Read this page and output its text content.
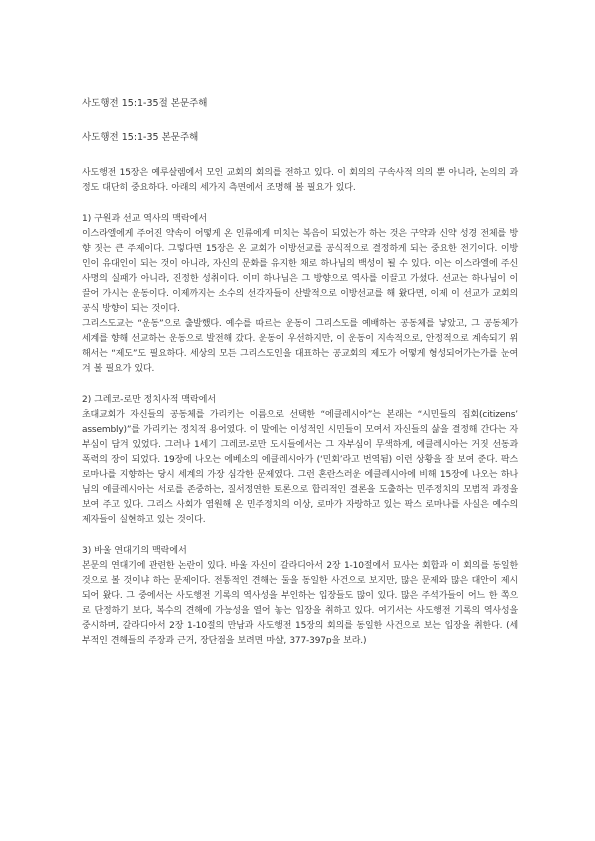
사도행전 15:1-35절 본문주해

사도행전 15:1-35 본문주해

사도행전 15장은 예루살렘에서 모인 교회의 회의를 전하고 있다. 이 회의의 구속사적 의의 뿐 아니라, 논의의 과정도 대단히 중요하다. 아래의 세가지 측면에서 조명해 볼 필요가 있다.

1) 구원과 선교 역사의 맥락에서

이스라엘에게 주어진 약속이 어떻게 온 인류에게 미치는 복음이 되었는가 하는 것은 구약과 신약 성경 전체를 방향 짓는 큰 주제이다. 그렇다면 15장은 온 교회가 이방선교를 공식적으로 결정하게 되는 중요한 전기이다. 이방인이 유대인이 되는 것이 아니라, 자신의 문화를 유지한 채로 하나님의 백성이 될 수 있다. 이는 이스라엘에 주신 사명의 실패가 아니라, 진정한 성취이다. 이미 하나님은 그 방향으로 역사를 이끌고 가셨다. 선교는 하나님이 이끌어 가시는 운동이다. 이제까지는 소수의 선각자들이 산발적으로 이방선교를 해 왔다면, 이제 이 선교가 교회의 공식 방향이 되는 것이다.

그리스도교는 “운동”으로 출발했다. 예수를 따르는 운동이 그리스도를 예배하는 공동체를 낳았고, 그 공동체가 세계를 향해 선교하는 운동으로 발전해 갔다. 운동이 우선하지만, 이 운동이 지속적으로, 안정적으로 계속되기 위해서는 “제도”도 필요하다. 세상의 모든 그리스도인을 대표하는 공교회의 제도가 어떻게 형성되어가는가를 눈여겨 볼 필요가 있다.

2) 그레코-로만 정치사적 맥락에서

초대교회가 자신들의 공동체를 가리키는 이름으로 선택한 “에클레시아”는 본래는 “시민들의 집회(citizens’ assembly)”를 가리키는 정치적 용어였다. 이 말에는 이성적인 시민들이 모여서 자신들의 삶을 결정해 간다는 자부심이 담겨 있었다. 그러나 1세기 그레코-로만 도시들에서는 그 자부심이 무색하게, 에클레시아는 거짓 선동과 폭력의 장이 되었다. 19장에 나오는 에베소의 에클레시아가 (‘민회’라고 번역됨) 이런 상황을 잘 보여 준다. 팍스 로마나를 지향하는 당시 세계의 가장 심각한 문제였다. 그런 혼란스러운 에클레시아에 비해 15장에 나오는 하나님의 에클레시아는 서로를 존중하는, 질서정연한 토론으로 합리적인 결론을 도출하는 민주정치의 모범적 과정을 보여 주고 있다. 그리스 사회가 염원해 온 민주정치의 이상, 로마가 자랑하고 있는 팍스 로마나를 사실은 예수의 제자들이 실현하고 있는 것이다.

3) 바울 연대기의 맥락에서

본문의 연대기에 관련한 논란이 있다. 바울 자신이 갈라디아서 2장 1-10절에서 묘사는 회합과 이 회의를 동일한 것으로 볼 것이냐 하는 문제이다. 전통적인 견해는 둘을 동일한 사건으로 보지만, 많은 문제와 많은 대안이 제시되어 왔다. 그 중에서는 사도행전 기록의 역사성을 부인하는 입장들도 많이 있다. 많은 주석가들이 어느 한 쪽으로 단정하기 보다, 복수의 견해에 가능성을 열어 놓는 입장을 취하고 있다. 여기서는 사도행전 기록의 역사성을 중시하며, 갈라디아서 2장 1-10절의 만남과 사도행전 15장의 회의를 동일한 사건으로 보는 입장을 취한다. (세부적인 견해들의 주장과 근거, 장단점을 보려면 마샬, 377-397p을 보라.)
